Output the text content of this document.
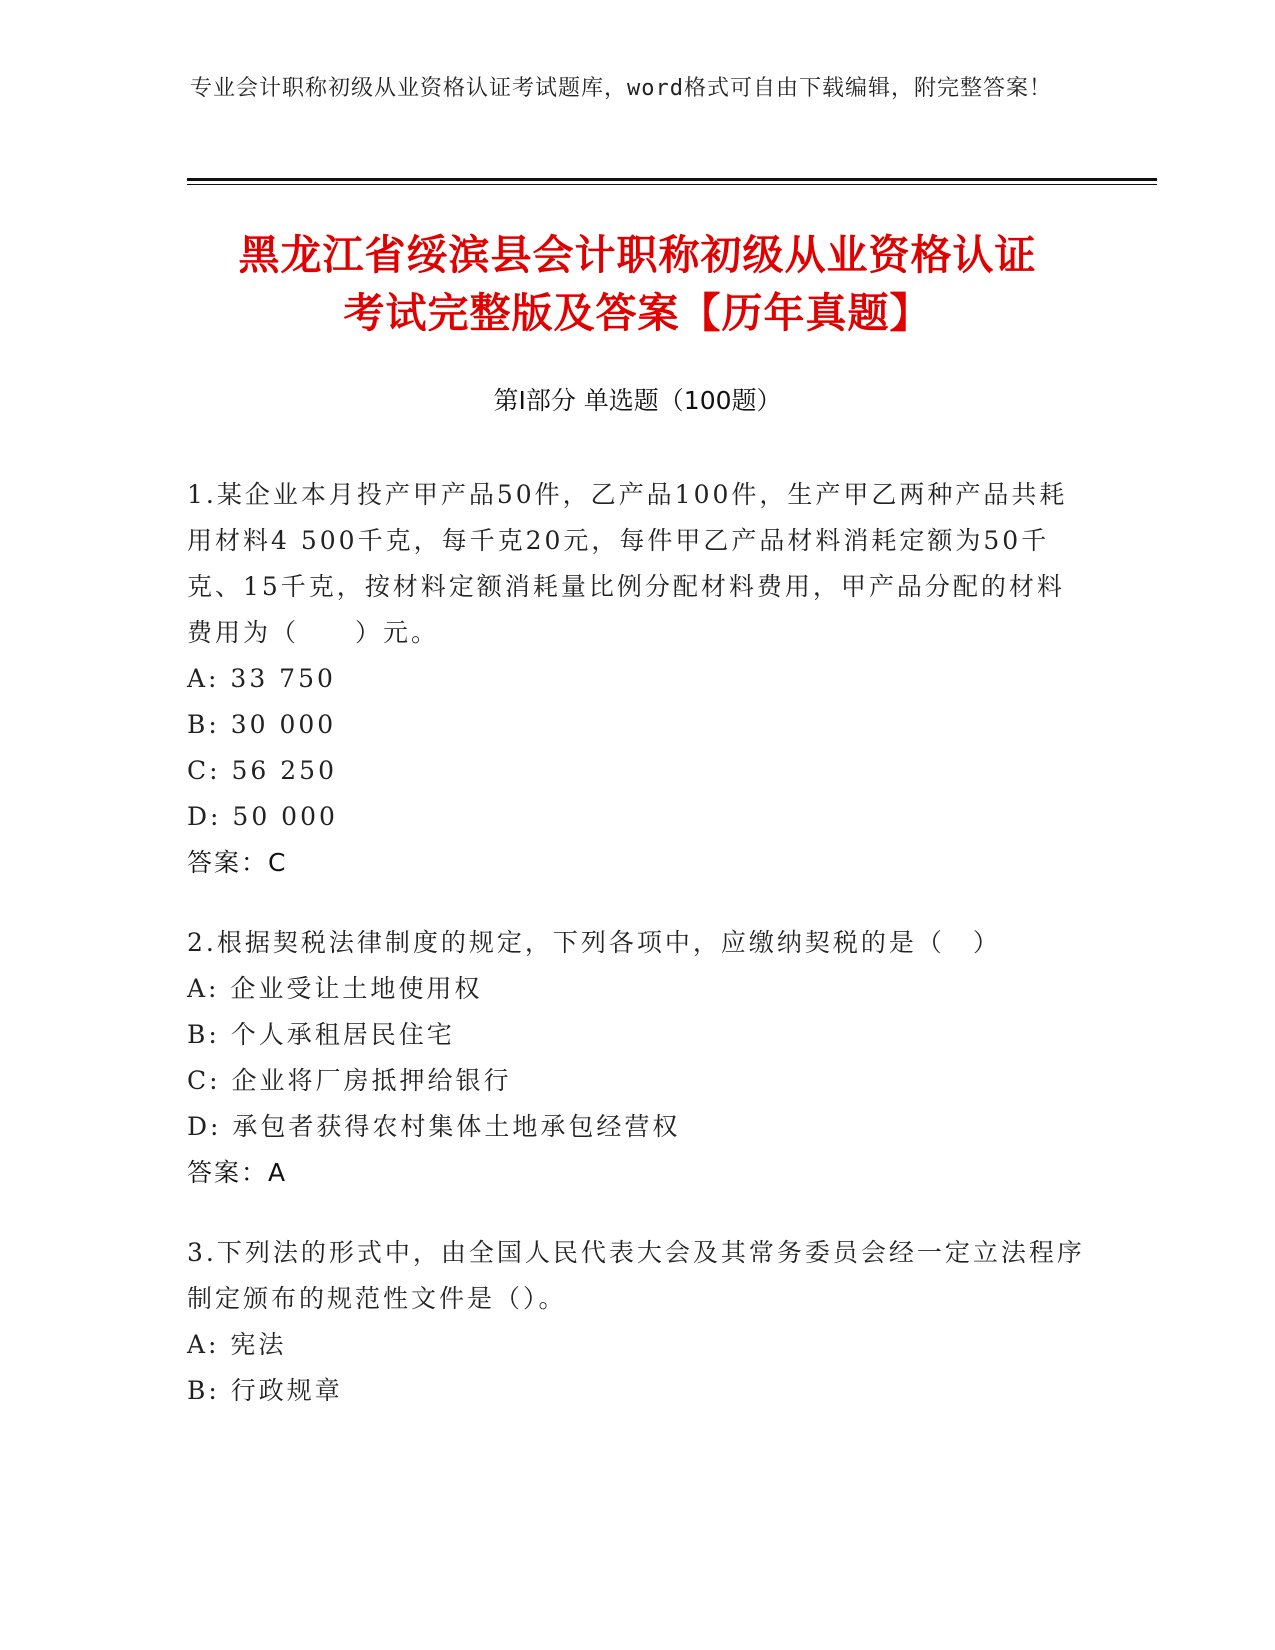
专业会计职称初级从业资格认证考试题库，word格式可自由下载编辑，附完整答案！
黑龙江省绥滨县会计职称初级从业资格认证
考试完整版及答案【历年真题】
第I部分 单选题（100题）
1.某企业本月投产甲产品50件，乙产品100件，生产甲乙两种产品共耗用材料4 500千克，每千克20元，每件甲乙产品材料消耗定额为50千克、15千克，按材料定额消耗量比例分配材料费用，甲产品分配的材料费用为（　　）元。
A: 33 750
B: 30 000
C: 56 250
D: 50 000
答案：C
2.根据契税法律制度的规定，下列各项中，应缴纳契税的是（　）
A: 企业受让土地使用权
B: 个人承租居民住宅
C: 企业将厂房抵押给银行
D: 承包者获得农村集体土地承包经营权
答案：A
3.下列法的形式中，由全国人民代表大会及其常务委员会经一定立法程序制定颁布的规范性文件是（）。
A: 宪法
B: 行政规章
